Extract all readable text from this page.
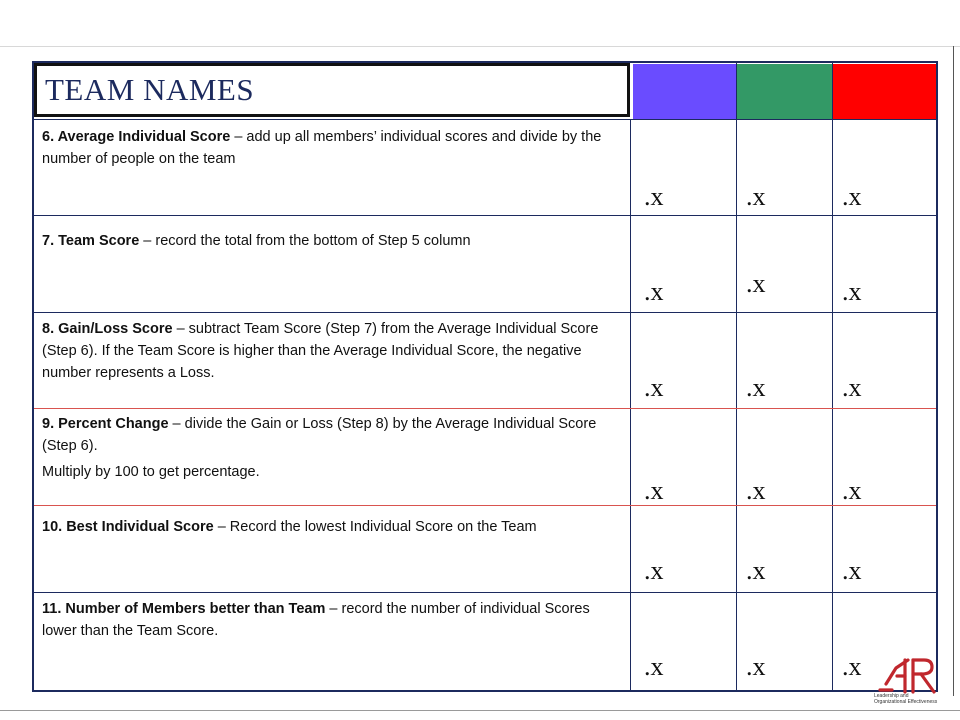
TEAM NAMES

6. Average Individual Score – add up all members’ individual scores and divide by the number of people on the team

.x	.x	.x

7. Team Score – record the total from the bottom of Step 5 column

.x	.x	.x

8. Gain/Loss Score – subtract Team Score (Step 7) from the Average Individual Score (Step 6). If the Team Score is higher than the Average Individual Score, the negative number represents a Loss.	.x	.x	.x

9. Percent Change – divide the Gain or Loss (Step 8) by the Average Individual Score (Step 6).

Multiply by 100 to get percentage.

.x	.x	.x

10. Best Individual Score – Record the lowest Individual Score on the Team

.x	.x	.x

11. Number of Members better than Team – record the number of individual Scores lower than the Team Score.

.x	.x	.x
Leadership and
Organizational Effectiveness
